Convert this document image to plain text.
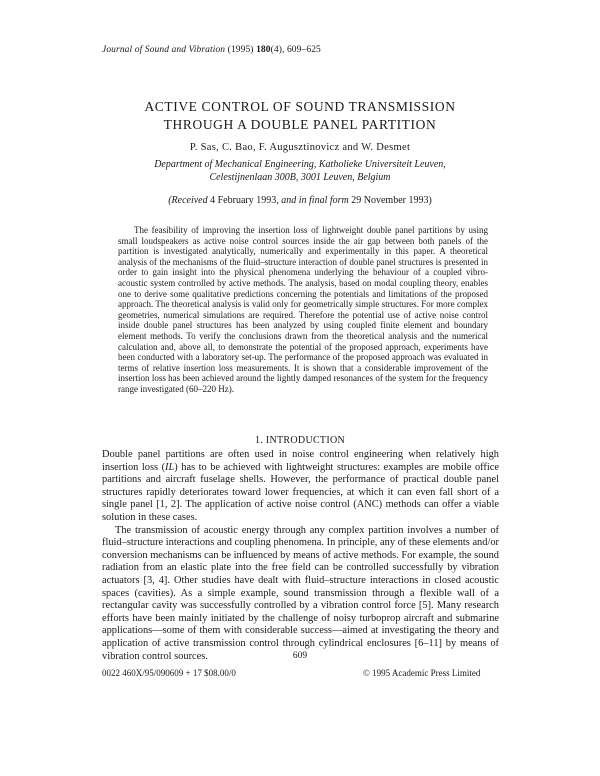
Journal of Sound and Vibration (1995) 180(4), 609–625
ACTIVE CONTROL OF SOUND TRANSMISSION
THROUGH A DOUBLE PANEL PARTITION
P. Sas, C. Bao, F. Augusztinovicz and W. Desmet
Department of Mechanical Engineering, Katholieke Universiteit Leuven,
Celestijnenlaan 300B, 3001 Leuven, Belgium
(Received 4 February 1993, and in final form 29 November 1993)

The feasibility of improving the insertion loss of lightweight double panel partitions by using small loudspeakers as active noise control sources inside the air gap between both panels of the partition is investigated analytically, numerically and experimentally in this paper. A theoretical analysis of the mechanisms of the fluid–structure interaction of double panel structures is presented in order to gain insight into the physical phenomena underlying the behaviour of a coupled vibro-acoustic system controlled by active methods. The analysis, based on modal coupling theory, enables one to derive some qualitative predictions concerning the potentials and limitations of the proposed approach. The theoretical analysis is valid only for geometrically simple structures. For more complex geometries, numerical simulations are required. Therefore the potential use of active noise control inside double panel structures has been analyzed by using coupled finite element and boundary element methods. To verify the conclusions drawn from the theoretical analysis and the numerical calculation and, above all, to demonstrate the potential of the proposed approach, experiments have been conducted with a laboratory set-up. The performance of the proposed approach was evaluated in terms of relative insertion loss measurements. It is shown that a considerable improvement of the insertion loss has been achieved around the lightly damped resonances of the system for the frequency range investigated (60–220 Hz).

1. INTRODUCTION

Double panel partitions are often used in noise control engineering when relatively high insertion loss (IL) has to be achieved with lightweight structures: examples are mobile office partitions and aircraft fuselage shells. However, the performance of practical double panel structures rapidly deteriorates toward lower frequencies, at which it can even fall short of a single panel [1, 2]. The application of active noise control (ANC) methods can offer a viable solution in these cases.

The transmission of acoustic energy through any complex partition involves a number of fluid–structure interactions and coupling phenomena. In principle, any of these elements and/or conversion mechanisms can be influenced by means of active methods. For example, the sound radiation from an elastic plate into the free field can be controlled successfully by vibration actuators [3, 4]. Other studies have dealt with fluid–structure interactions in closed acoustic spaces (cavities). As a simple example, sound transmission through a flexible wall of a rectangular cavity was successfully controlled by a vibration control force [5]. Many research efforts have been mainly initiated by the challenge of noisy turboprop aircraft and submarine applications—some of them with considerable success—aimed at investigating the theory and application of active transmission control through cylindrical enclosures [6–11] by means of vibration control sources.	609
0022 460X/95/090609 + 17 $08.00/0	© 1995 Academic Press Limited
